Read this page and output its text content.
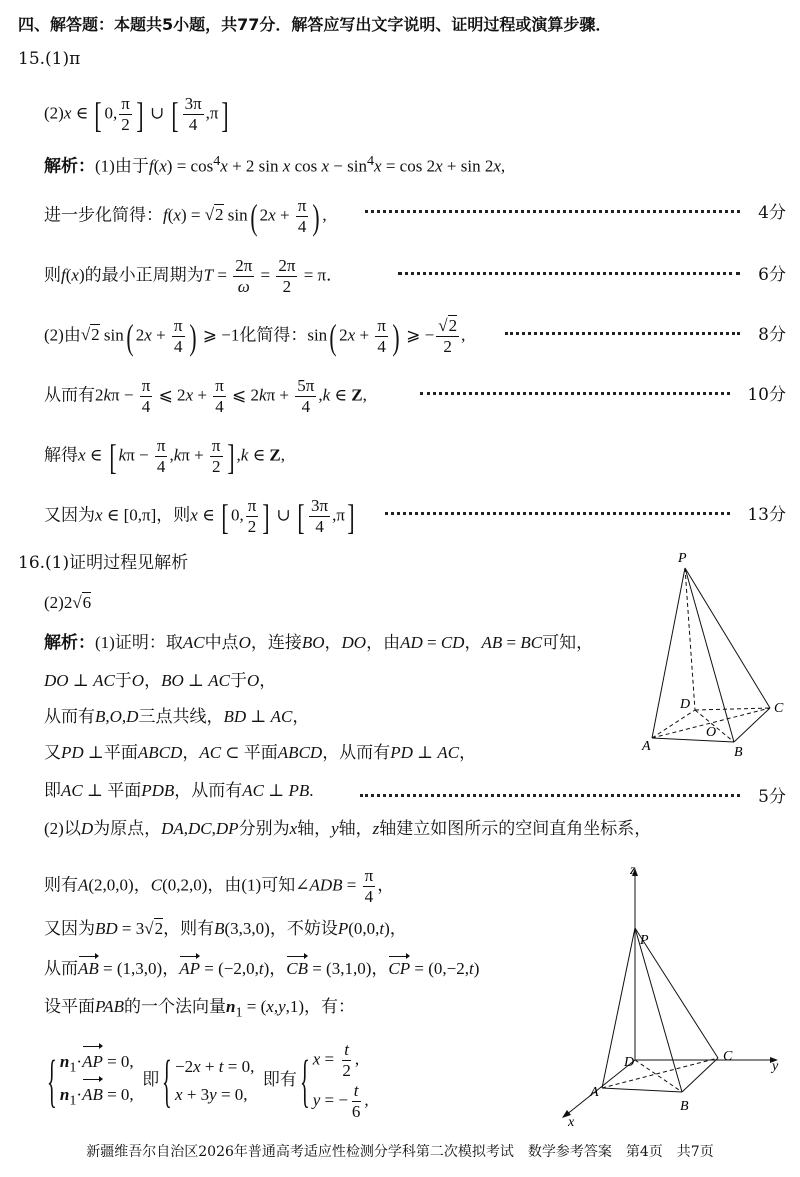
四、解答题：本题共5小题，共77分．解答应写出文字说明、证明过程或演算步骤．
15.(1)π
(2)x ∈ [ 0, $\frac{\pi}{2}$ ] ∪ [ $\frac{3\pi}{4} ,\pi$]
解析：(1)由于$f(x) = \cos^4x + 2$ sin x $\cos x - \sin^4x = \cos 2x + \sin 2x$,
进一步化简得：f(x) = √2 sin( $2x + \frac{\pi}{4}$ ) ,	4分
则f(x)的最小正周期为$T = \frac{2\pi}{\omega} = \frac{2\pi}{2} = \pi$．	6分
(2)由√2 sin( $2x + \frac{\pi}{4}$ ) ⩾ −1化简得：sin( $2x + \frac{\pi}{4}$ ) ⩾ − $\frac{√2}{2}$ ,	8分
从而有$2k\pi - \frac{\pi}{4}$ ⩽ $2x + \frac{\pi}{4}$ ⩽ $2k\pi + \frac{5\pi}{4} ,k$ ∈ Z,	10分
解得x ∈ [ $k\pi - \frac{\pi}{4} ,k\pi + \frac{\pi}{2}$ ] ,k ∈ Z,
又因为x ∈ [0,π]，则x ∈ [ 0, $\frac{\pi}{2}$ ] ∪ [ $\frac{3\pi}{4} ,\pi$]	13分
16.(1)证明过程见解析
(2)2√6
解析：(1)证明：取AC中点O，连接BO，DO，由AD = CD，AB = BC可知，
DO ⊥ AC于O，BO ⊥ AC于O，
从而有B,O,D三点共线，BD ⊥ AC，
又PD ⊥平面ABCD，AC ⊂ 平面ABCD，从而有PD ⊥ AC，
即AC ⊥ 平面PDB，从而有AC ⊥ PB.	5分
(2)以D为原点，DA,DC,DP分别为x轴，y轴，z轴建立如图所示的空间直角坐标系，
则有A(2,0,0)，C(0,2,0)，由(1)可知∠ADB = $\frac{\pi}{4}$ ，
又因为BD = 3√2，则有B(3,3,0)，不妨设P(0,0,t)，
从而AB = (1,3,0)，AP = (−2,0,t)，CB = (3,1,0)，CP = (0,−2,t)
设平面PAB的一个法向量$n_1 = (x,y,1)$，有：
{ $n_1\cdot AP = 0$,
$n_1\cdot AB = 0$,
即{ −2x + t = 0,
x + 3y = 0,
即有{ $x = \frac{t}{2}$ ,
y = − $\frac{t}{6}$ ,
P
D	C
A
O
B
z
P
D	C
y
A
B
x
新疆维吾尔自治区2026年普通高考适应性检测分学科第二次模拟考试　数学参考答案　第4页　共7页
